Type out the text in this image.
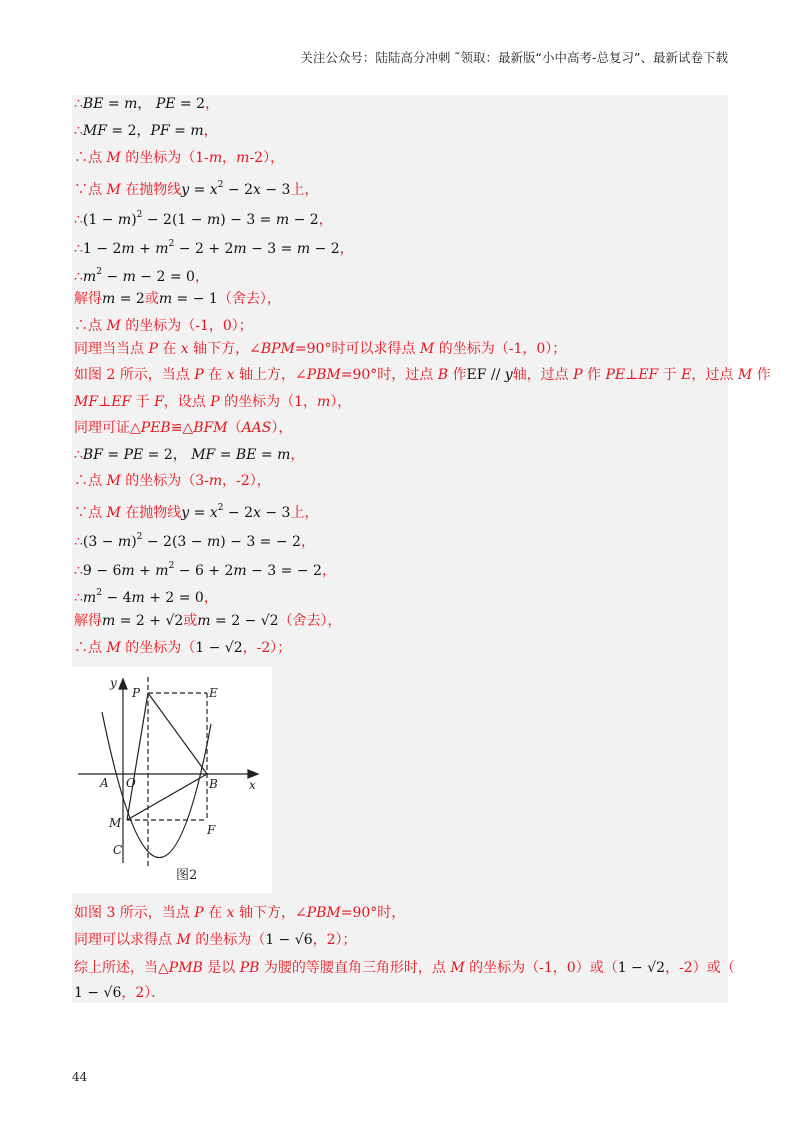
关注公众号：陆陆高分冲刺 ˜领取：最新版“小中高考-总复习”、最新试卷下载
∴BE = m， PE = 2，
∴MF = 2，PF = m，
∴点 M 的坐标为（1-m，m-2），
∵点 M 在抛物线$y = x^2 - 2x - 3$上，
∴(1 − m)$^2$ − 2(1 − m) − 3 = m − 2，
∴1 − $2m + m^2 - 2 + 2m - 3 = m - 2$，
$\therefore m^2 - m - 2 = 0$，
解得m = 2或m = − 1（舍去），
∴点 M 的坐标为（-1，0）；
同理当当点 P 在 x 轴下方，∠BPM=90°时可以求得点 M 的坐标为（-1，0）；
如图 2 所示，当点 P 在 x 轴上方，∠PBM=90°时，过点 B 作EF // y轴，过点 P 作 PE⊥EF 于 E，过点 M 作
MF⊥EF 于 F，设点 P 的坐标为（1，m），
同理可证△PEB≌△BFM（AAS），
∴BF = PE = 2， MF = BE = m，
∴点 M 的坐标为（3-m，-2），
∵点 M 在抛物线$y = x^2 - 2x - 3$上，
∴(3 − m)$^2$ − 2(3 − m) − 3 = − 2，
∴9 − $6m + m^2 - 6 + 2m - 3$ = − 2，
$\therefore m^2 - 4m + 2 = 0$，
解得m = 2 + √2或m = 2 − √2（舍去），
∴点 M 的坐标为（1 − √2，-2）；
如图 3 所示，当点 P 在 x 轴下方，∠PBM=90°时，
同理可以求得点 M 的坐标为（1 − √6，2）；
综上所述，当△PMB 是以 PB 为腰的等腰直角三角形时，点 M 的坐标为（-1，0）或（1 − √2，-2）或（
1 − √6，2）．
y
P	E
A O	B	x
M	F
C
图2
44
